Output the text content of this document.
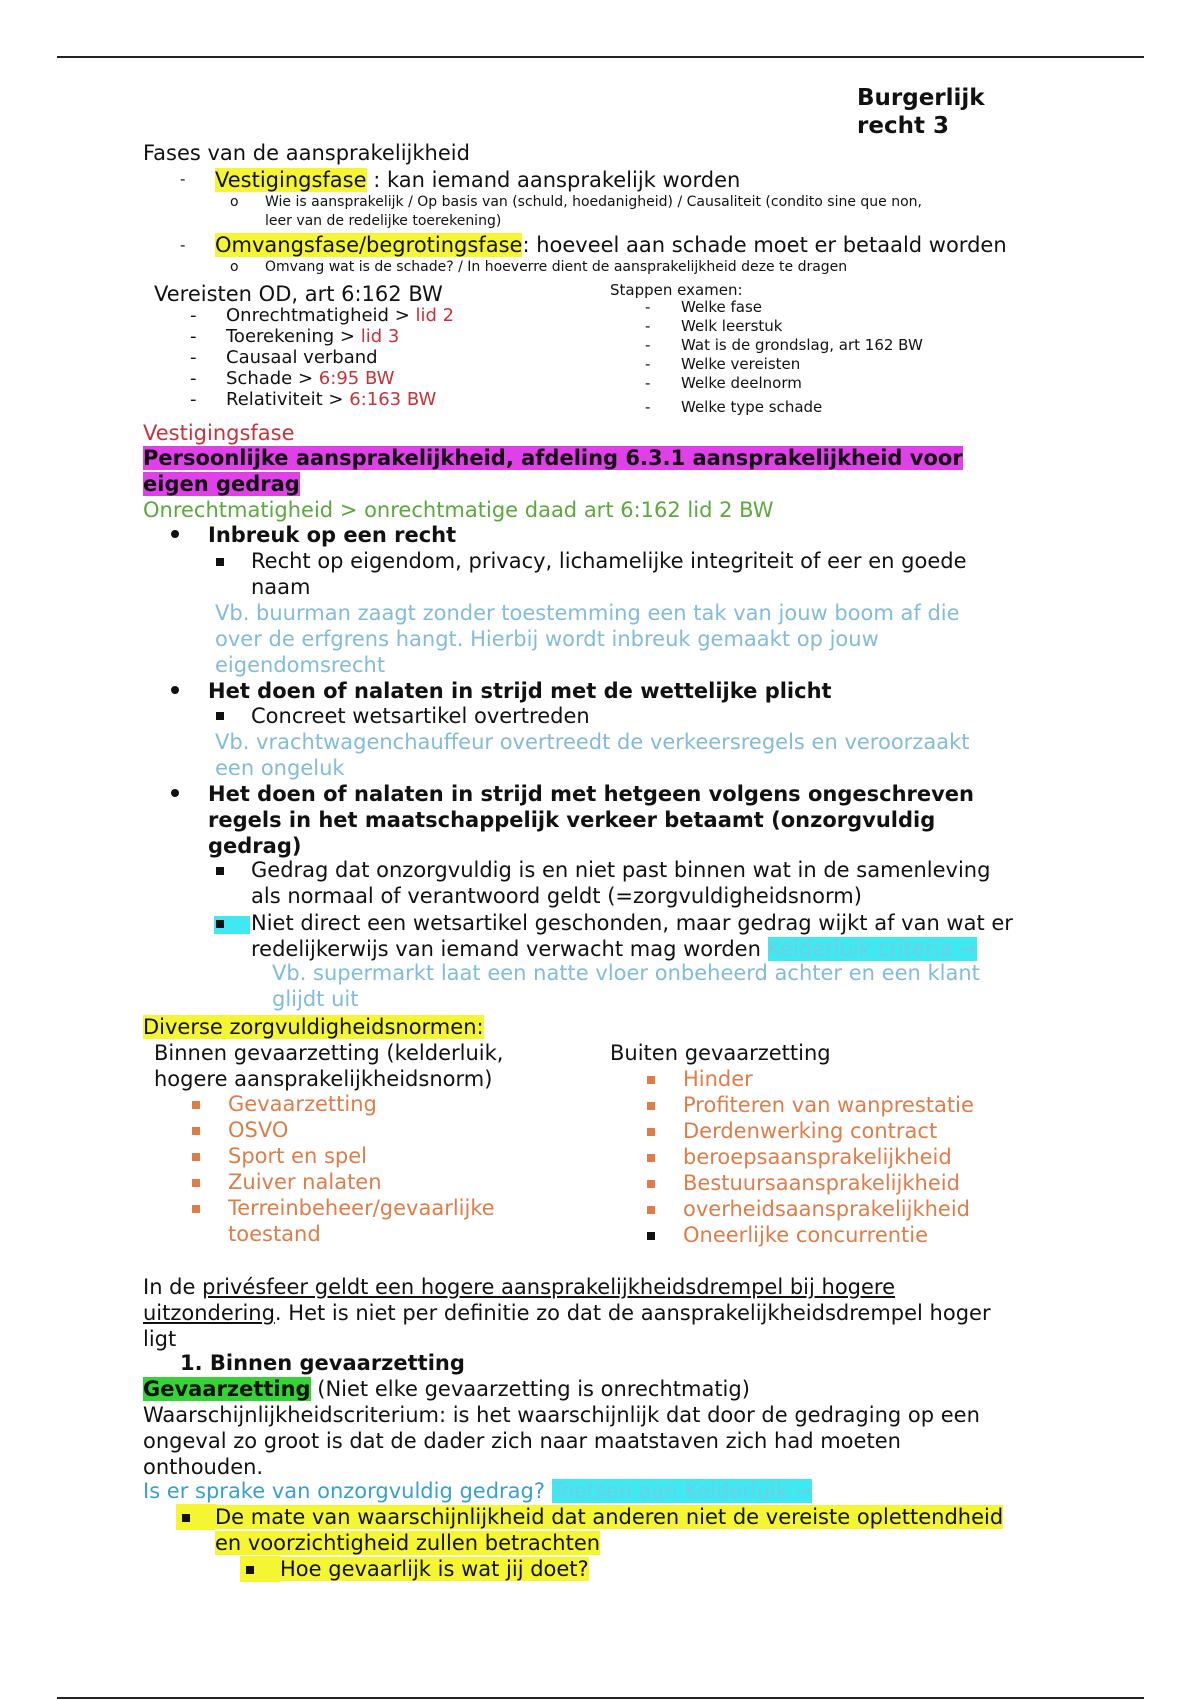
Burgerlijk
recht 3
Fases van de aansprakelijkheid
- Vestigingsfase : kan iemand aansprakelijk worden
o Wie is aansprakelijk / Op basis van (schuld, hoedanigheid) / Causaliteit (condito sine que non,
leer van de redelijke toerekening)
- Omvangsfase/begrotingsfase: hoeveel aan schade moet er betaald worden
o Omvang wat is de schade? / In hoeverre dient de aansprakelijkheid deze te dragen
Vereisten OD, art 6:162 BW
- Onrechtmatigheid > lid 2
- Toerekening > lid 3
- Causaal verband
- Schade > 6:95 BW
- Relativiteit > 6:163 BW
Stappen examen:
- Welke fase
- Welk leerstuk
- Wat is de grondslag, art 162 BW
- Welke vereisten
- Welke deelnorm
- Welke type schade
Vestigingsfase
Persoonlijke aansprakelijkheid, afdeling 6.3.1 aansprakelijkheid voor
eigen gedrag
Onrechtmatigheid > onrechtmatige daad art 6:162 lid 2 BW
Inbreuk op een recht
Recht op eigendom, privacy, lichamelijke integriteit of eer en goede
naam
Vb. buurman zaagt zonder toestemming een tak van jouw boom af die
over de erfgrens hangt. Hierbij wordt inbreuk gemaakt op jouw
eigendomsrecht
Het doen of nalaten in strijd met de wettelijke plicht
Concreet wetsartikel overtreden
Vb. vrachtwagenchauffeur overtreedt de verkeersregels en veroorzaakt
een ongeluk
Het doen of nalaten in strijd met hetgeen volgens ongeschreven
regels in het maatschappelijk verkeer betaamt (onzorgvuldig
gedrag)
Gedrag dat onzorgvuldig is en niet past binnen wat in de samenleving
als normaal of verantwoord geldt (=zorgvuldigheidsnorm)
Niet direct een wetsartikel geschonden, maar gedrag wijkt af van wat er
redelijkerwijs van iemand verwacht mag worden Kelderluik criteria →
Vb. supermarkt laat een natte vloer onbeheerd achter en een klant
glijdt uit
Diverse zorgvuldigheidsnormen:
Binnen gevaarzetting (kelderluik,
hogere aansprakelijkheidsnorm)
Gevaarzetting
OSVO
Sport en spel
Zuiver nalaten
Terreinbeheer/gevaarlijke
toestand
Buiten gevaarzetting
Hinder
Profiteren van wanprestatie
Derdenwerking contract
beroepsaansprakelijkheid
Bestuursaansprakelijkheid
overheidsaansprakelijkheid
Oneerlijke concurrentie
In de privésfeer geldt een hogere aansprakelijkheidsdrempel bij hogere
uitzondering. Het is niet per definitie zo dat de aansprakelijkheidsdrempel hoger
ligt
1. Binnen gevaarzetting
Gevaarzetting (Niet elke gevaarzetting is onrechtmatig)
Waarschijnlijkheidscriterium: is het waarschijnlijk dat door de gedraging op een
ongeval zo groot is dat de dader zich naar maatstaven zich had moeten
onthouden.
Is er sprake van onzorgvuldig gedrag? Toetsen aan Kelderluik →
De mate van waarschijnlijkheid dat anderen niet de vereiste oplettendheid
en voorzichtigheid zullen betrachten
Hoe gevaarlijk is wat jij doet?
